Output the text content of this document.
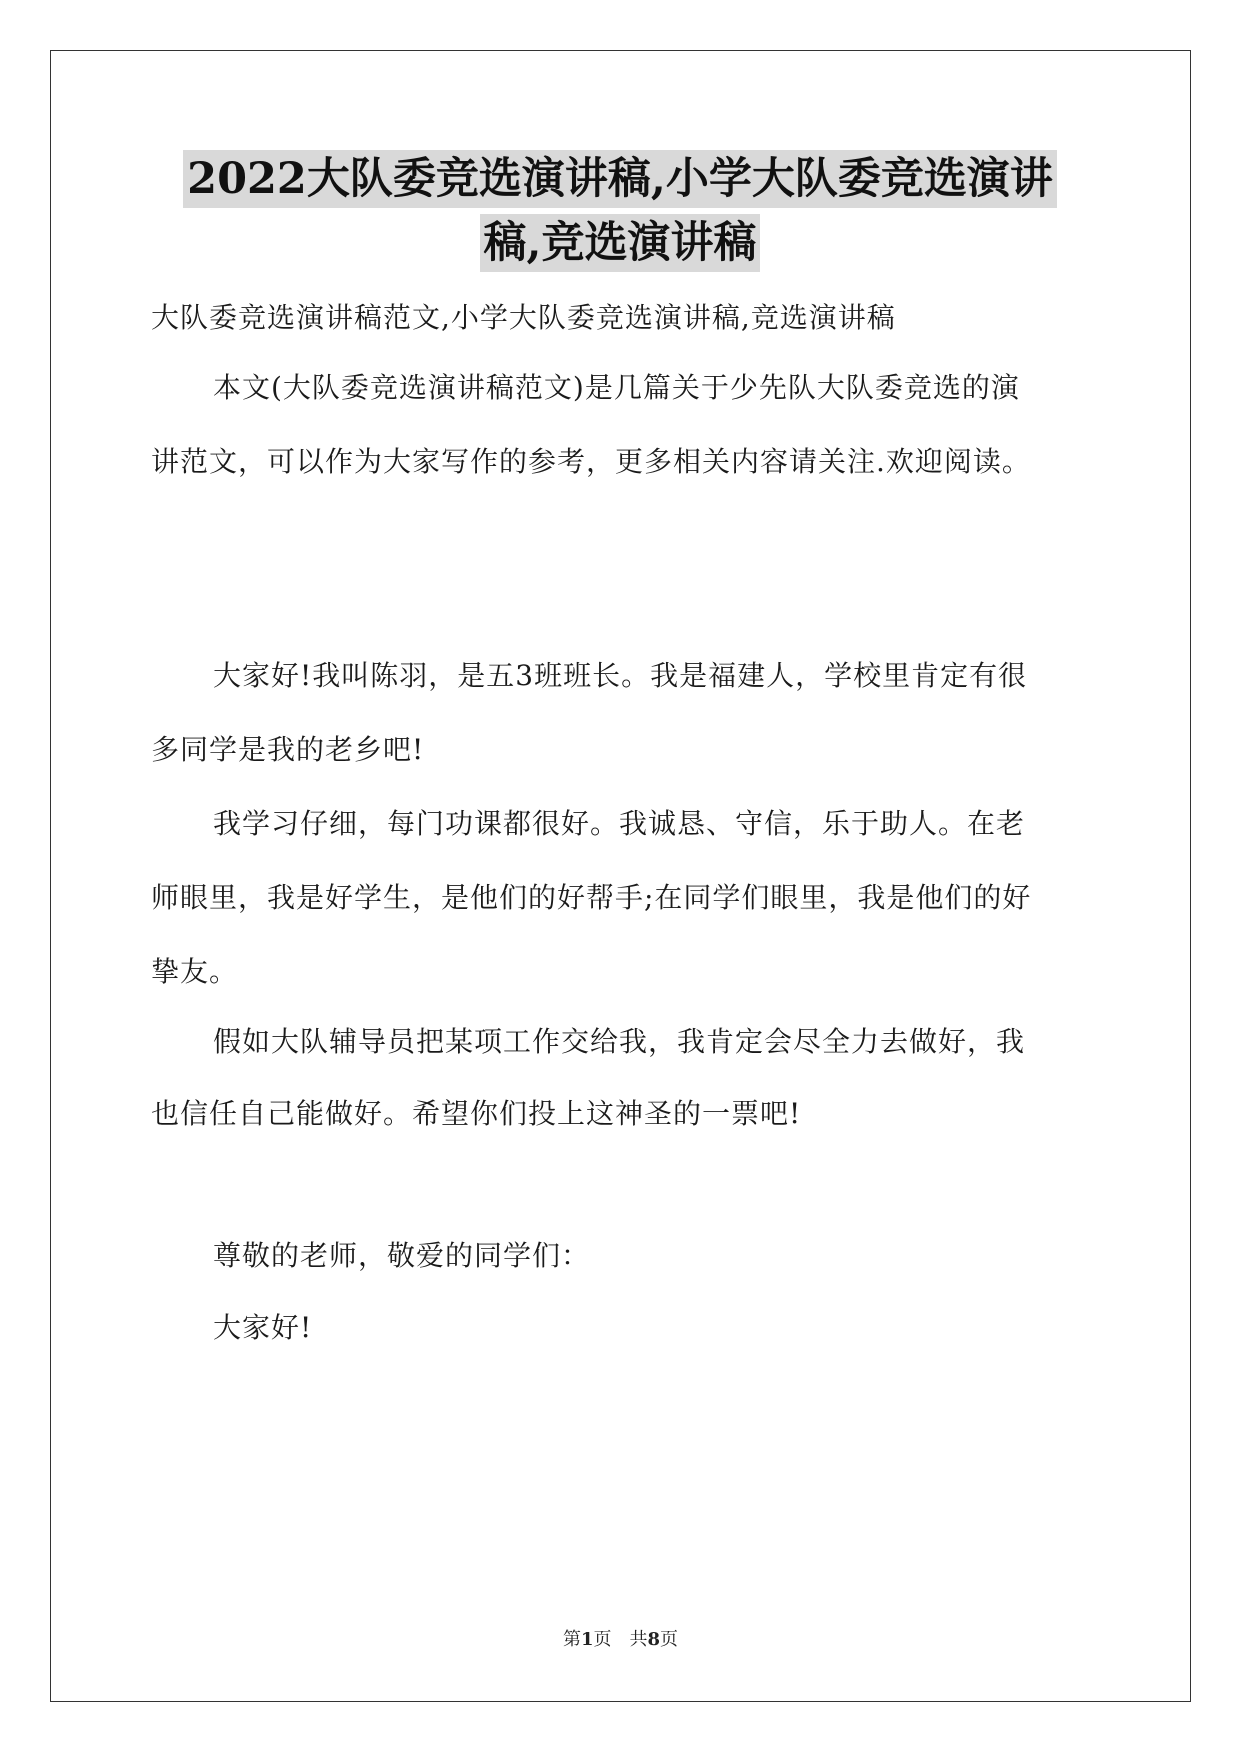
2022大队委竞选演讲稿,小学大队委竞选演讲
稿,竞选演讲稿
大队委竞选演讲稿范文,小学大队委竞选演讲稿,竞选演讲稿
本文(大队委竞选演讲稿范文)是几篇关于少先队大队委竞选的演
讲范文，可以作为大家写作的参考，更多相关内容请关注.欢迎阅读。
大家好!我叫陈羽，是五3班班长。我是福建人，学校里肯定有很
多同学是我的老乡吧!
我学习仔细，每门功课都很好。我诚恳、守信，乐于助人。在老
师眼里，我是好学生，是他们的好帮手;在同学们眼里，我是他们的好
挚友。
假如大队辅导员把某项工作交给我，我肯定会尽全力去做好，我
也信任自己能做好。希望你们投上这神圣的一票吧!
尊敬的老师，敬爱的同学们：
大家好!
第1页　共8页
